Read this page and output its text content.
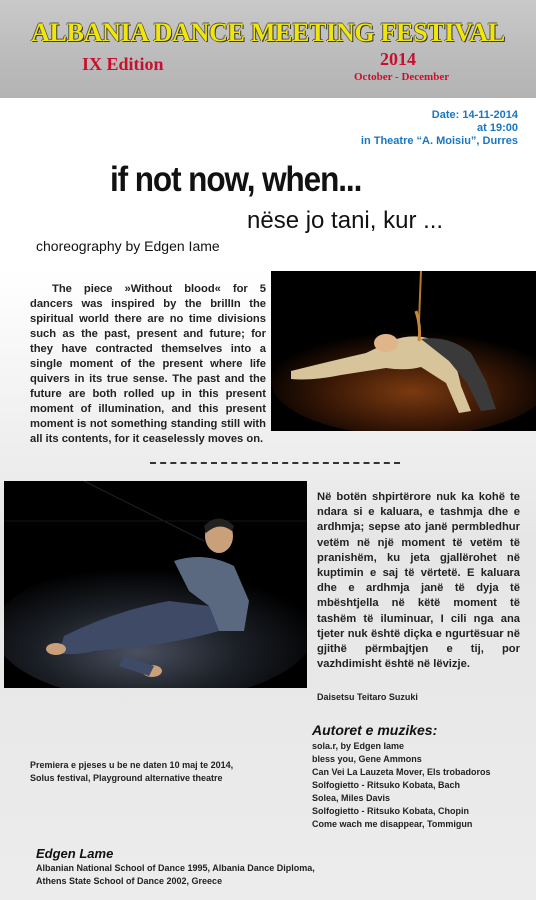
ALBANIA DANCE MEETING FESTIVAL
IX Edition	2014
October - December
Date: 14-11-2014
at 19:00
in Theatre “A. Moisiu”, Durres
if not now, when...
nëse jo tani, kur ...
choreography by Edgen Iame
The piece »Without blood« for 5 dancers was inspired by the brillIn the spiritual world there are no time divisions such as the past, present and future; for they have contracted themselves into a single moment of the present where life quivers in its true sense. The past and the future are both rolled up in this present moment of illumination, and this present moment is not something standing still with all its contents, for it ceaselessly moves on.
Në botën shpirtërore nuk ka kohë te ndara si e kaluara, e tashmja dhe e ardhmja; sepse ato janë permbledhur vetëm në një moment të vetëm të pranishëm, ku jeta gjallërohet në kuptimin e saj të vërtetë. E kaluara dhe e ardhmja janë të dyja të mbështjella në këtë moment të tashëm të iluminuar, I cili nga ana tjeter nuk është diçka e ngurtësuar në gjithë përmbajtjen e tij, por vazhdimisht është në lëvizje.
Daisetsu Teitaro Suzuki
Autoret e muzikes:
sola.r, by Edgen Iame
bless you, Gene Ammons
Can Vei La Lauzeta Mover, Els trobadoros
Solfogietto - Ritsuko Kobata, Bach
Solea, Miles Davis
Solfogietto - Ritsuko Kobata, Chopin
Come wach me disappear, Tommigun
Premiera e pjeses u be ne daten 10 maj te 2014,
Solus festival, Playground alternative theatre
Edgen Lame
Albanian National School of Dance 1995, Albania Dance Diploma,
Athens State School of Dance 2002, Greece
